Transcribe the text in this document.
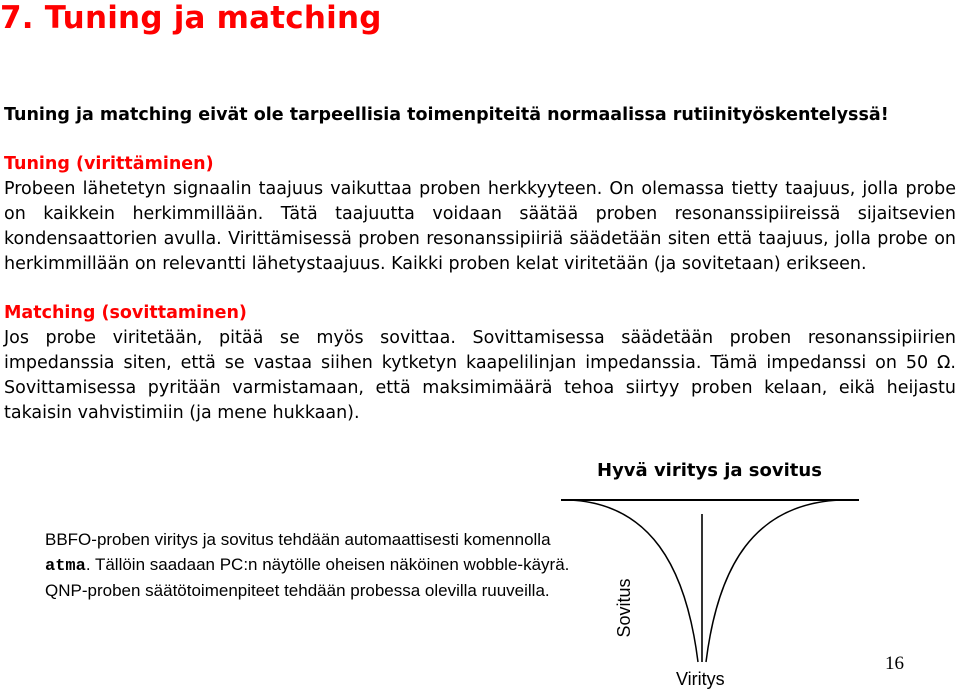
7. Tuning ja matching
Tuning ja matching eivät ole tarpeellisia toimenpiteitä normaalissa rutiinityöskentelyssä!
Tuning (virittäminen)

Probeen lähetetyn signaalin taajuus vaikuttaa proben herkkyyteen. On olemassa tietty taajuus, jolla probe on kaikkein herkimmillään. Tätä taajuutta voidaan säätää proben resonanssipiireissä sijaitsevien kondensaattorien avulla. Virittämisessä proben resonanssipiiriä säädetään siten että taajuus, jolla probe on herkimmillään on relevantti lähetystaajuus. Kaikki proben kelat viritetään (ja sovitetaan) erikseen.

Matching (sovittaminen)

Jos probe viritetään, pitää se myös sovittaa. Sovittamisessa säädetään proben resonanssipiirien impedanssia siten, että se vastaa siihen kytketyn kaapelilinjan impedanssia. Tämä impedanssi on 50 Ω. Sovittamisessa pyritään varmistamaan, että maksimimäärä tehoa siirtyy proben kelaan, eikä heijastu takaisin vahvistimiin (ja mene hukkaan).

Hyvä viritys ja sovitus
BBFO-proben viritys ja sovitus tehdään automaattisesti komennolla atma. Tällöin saadaan PC:n näytölle oheisen näköinen wobble-käyrä. QNP-proben säätötoimenpiteet tehdään probessa olevilla ruuveilla.	Sovitus
Viritys
16
